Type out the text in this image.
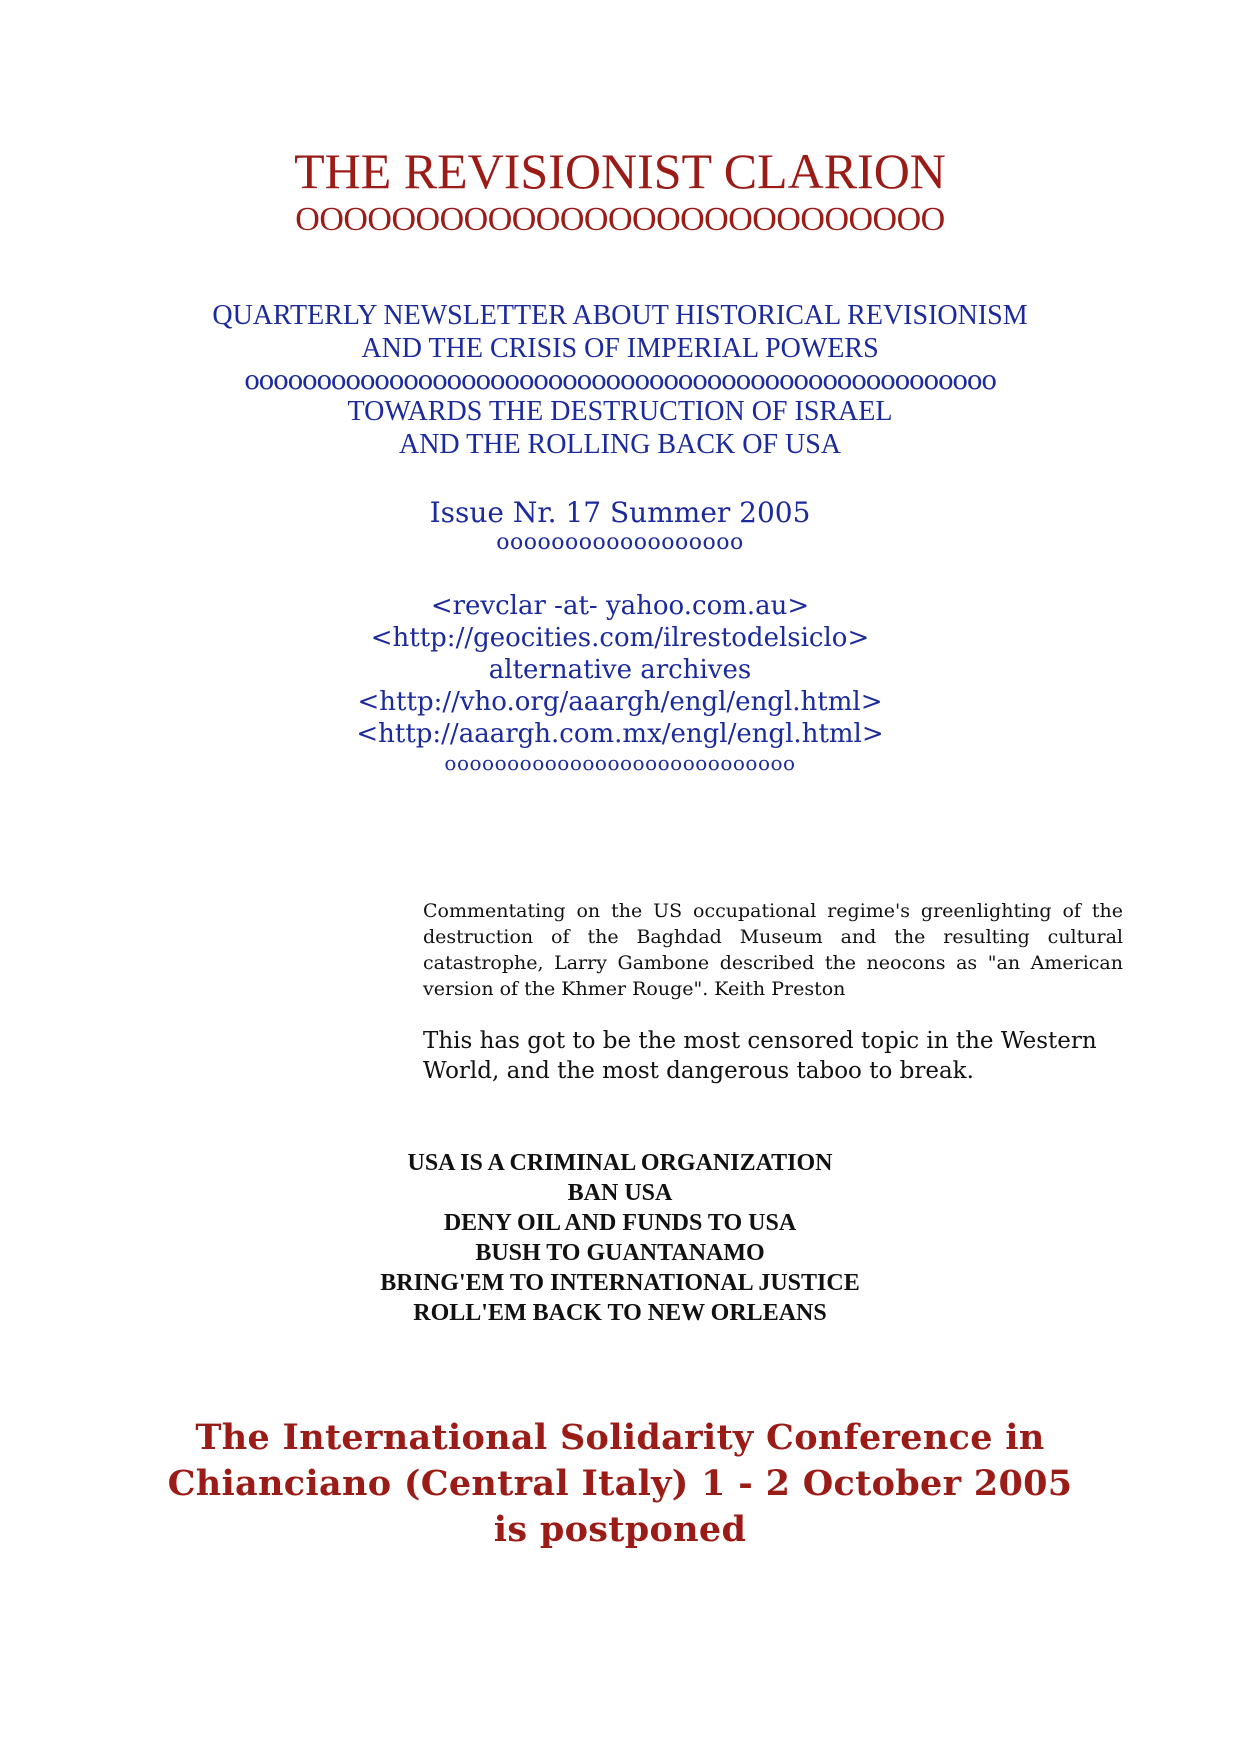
THE REVISIONIST CLARION
OOOOOOOOOOOOOOOOOOOOOOOOOOO
QUARTERLY NEWSLETTER ABOUT HISTORICAL REVISIONISM
AND THE CRISIS OF IMPERIAL POWERS
oooooooooooooooooooooooooooooooooooooooooooooooooooo
TOWARDS THE DESTRUCTION OF ISRAEL
AND THE ROLLING BACK OF USA
Issue Nr. 17 Summer 2005
oooooooooooooooooo
<revclar -at- yahoo.com.au>
<http://geocities.com/ilrestodelsiclo>
alternative archives
<http://vho.org/aaargh/engl/engl.html>
<http://aaargh.com.mx/engl/engl.html>
oooooooooooooooooooooooooooo
Commentating on the US occupational regime's greenlighting of the destruction of the Baghdad Museum and the resulting cultural catastrophe, Larry Gambone described the neocons as "an American version of the Khmer Rouge". Keith Preston
This has got to be the most censored topic in the Western World, and the most dangerous taboo to break.
USA IS A CRIMINAL ORGANIZATION
BAN USA
DENY OIL AND FUNDS TO USA
BUSH TO GUANTANAMO
BRING'EM TO INTERNATIONAL JUSTICE
ROLL'EM BACK TO NEW ORLEANS
The International Solidarity Conference in
Chianciano (Central Italy) 1 - 2 October 2005
is postponed
